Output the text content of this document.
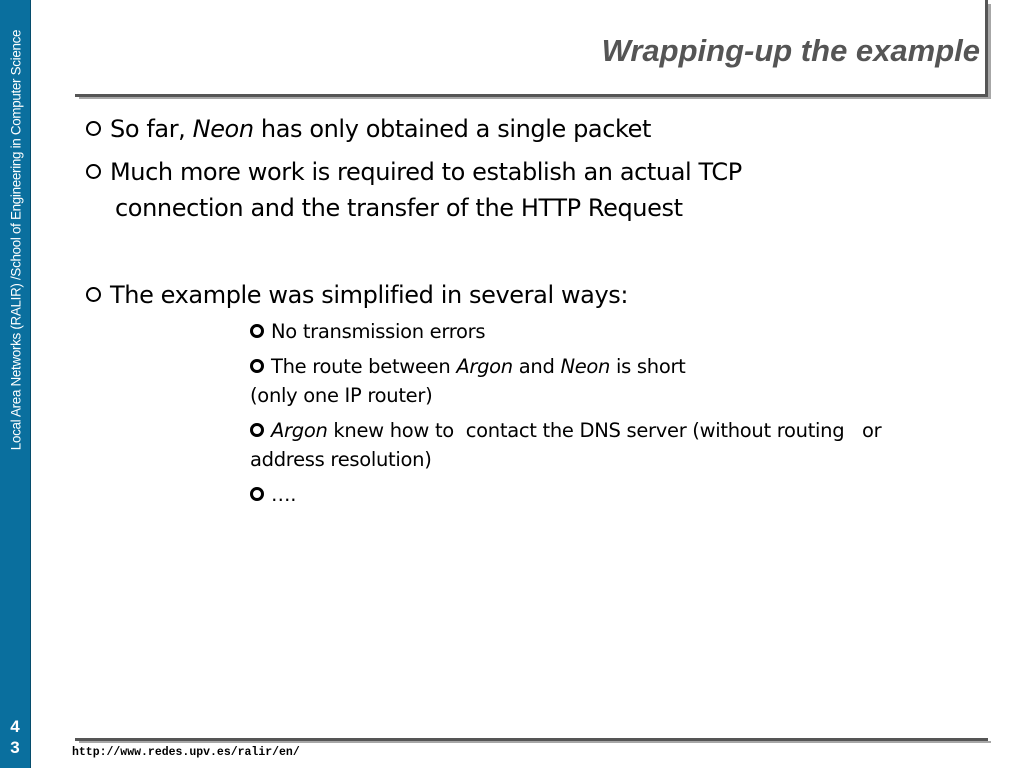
Local Area Networks (RALIR) /School of Engineering in Computer Science
4
3
Wrapping-up the example
So far, Neon has only obtained a single packet
Much more work is required to establish an actual TCP
connection and the transfer of the HTTP Request
The example was simplified in several ways:
No transmission errors
The route between Argon and Neon is short
(only one IP router)
Argon knew how to  contact the DNS server (without routing   or
address resolution)
….
http://www.redes.upv.es/ralir/en/
